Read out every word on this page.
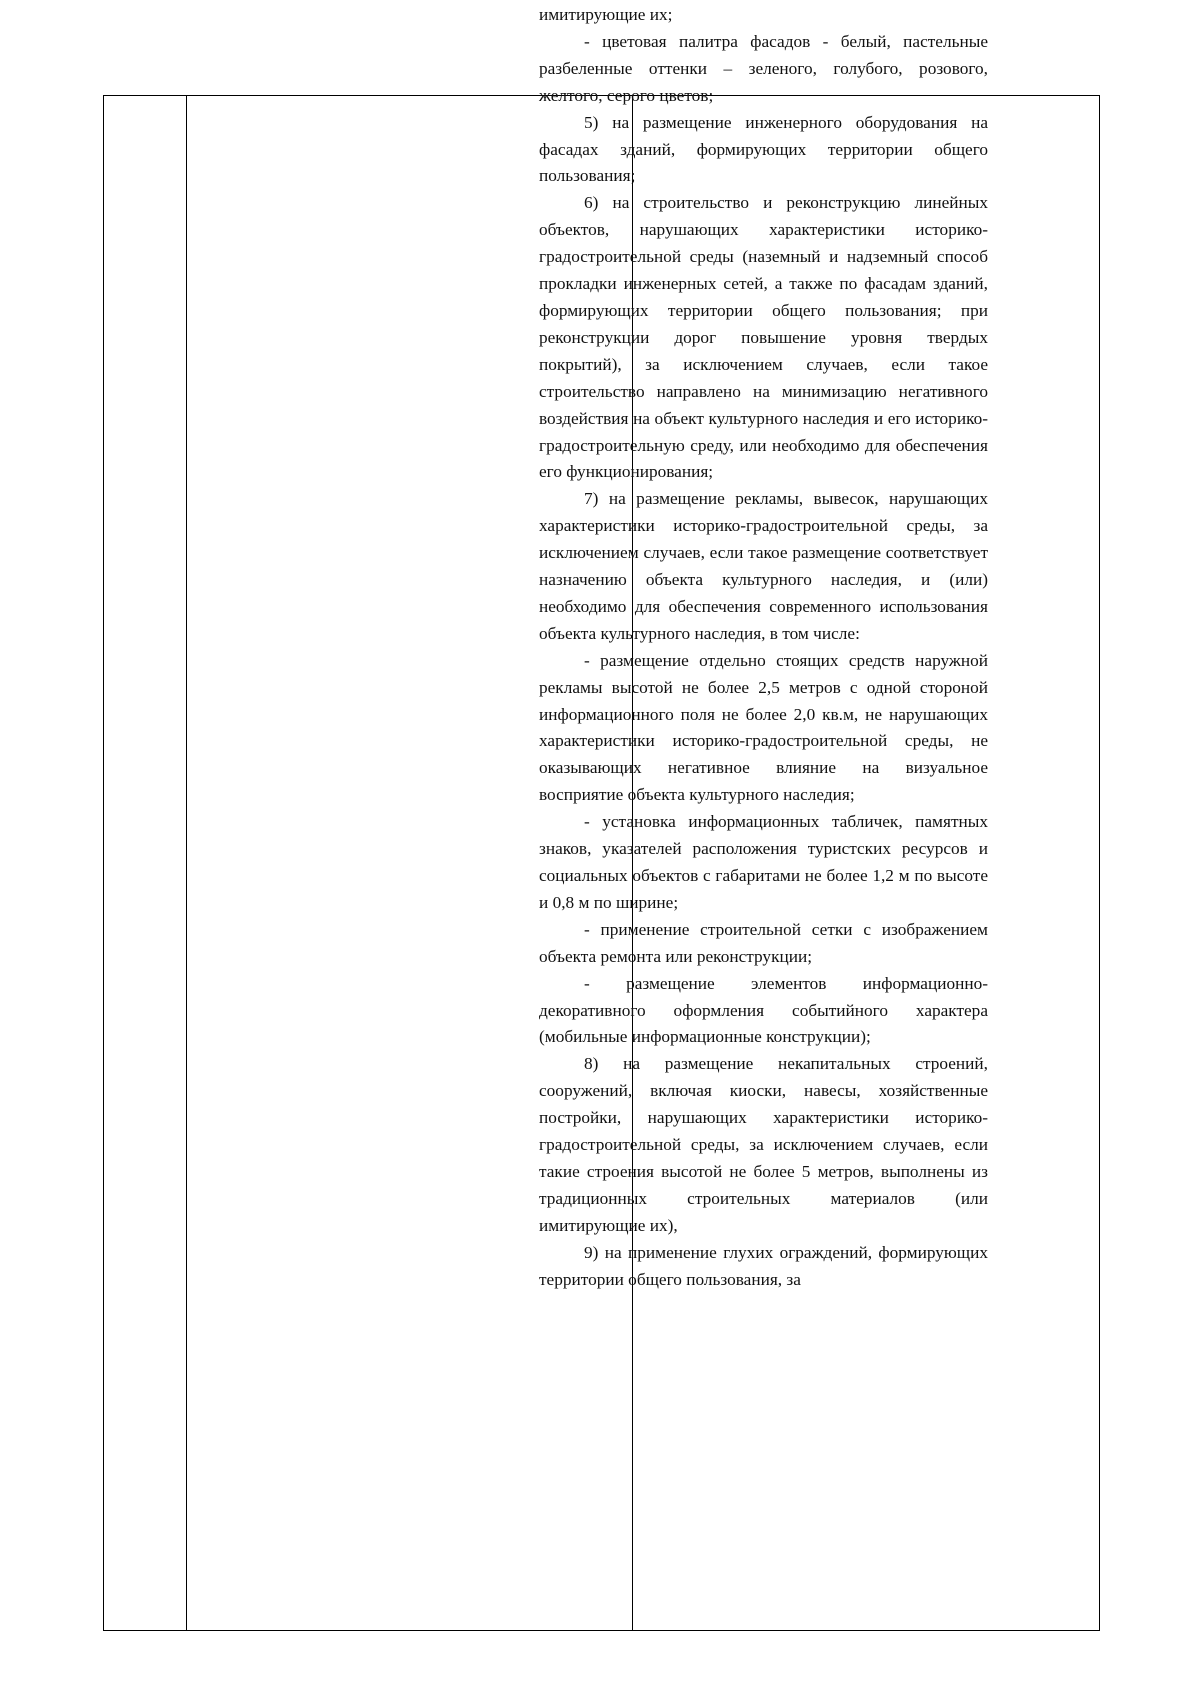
имитирующие их;

- цветовая палитра фасадов - белый, пастельные разбеленные оттенки – зеленого, голубого, розового, желтого, серого цветов;

5) на размещение инженерного оборудования на фасадах зданий, формирующих территории общего пользования;

6) на строительство и реконструкцию линейных объектов, нарушающих характеристики историко-градостроительной среды (наземный и надземный способ прокладки инженерных сетей, а также по фасадам зданий, формирующих территории общего пользования; при реконструкции дорог повышение уровня твердых покрытий), за исключением случаев, если такое строительство направлено на минимизацию негативного воздействия на объект культурного наследия и его историко-градостроительную среду, или необходимо для обеспечения его функционирования;

7) на размещение рекламы, вывесок, нарушающих характеристики историко-градостроительной среды, за исключением случаев, если такое размещение соответствует назначению объекта культурного наследия, и (или) необходимо для обеспечения современного использования объекта культурного наследия, в том числе:

- размещение отдельно стоящих средств наружной рекламы высотой не более 2,5 метров с одной стороной информационного поля не более 2,0 кв.м, не нарушающих характеристики историко-градостроительной среды, не оказывающих негативное влияние на визуальное восприятие объекта культурного наследия;

- установка информационных табличек, памятных знаков, указателей расположения туристских ресурсов и социальных объектов с габаритами не более 1,2 м по высоте и 0,8 м по ширине;

- применение строительной сетки с изображением объекта ремонта или реконструкции;

- размещение элементов информационно-декоративного оформления событийного характера (мобильные информационные конструкции);

8) на размещение некапитальных строений, сооружений, включая киоски, навесы, хозяйственные постройки, нарушающих характеристики историко-градостроительной среды, за исключением случаев, если такие строения высотой не более 5 метров, выполнены из традиционных строительных материалов (или имитирующие их),

9) на применение глухих ограждений, формирующих территории общего пользования, за
